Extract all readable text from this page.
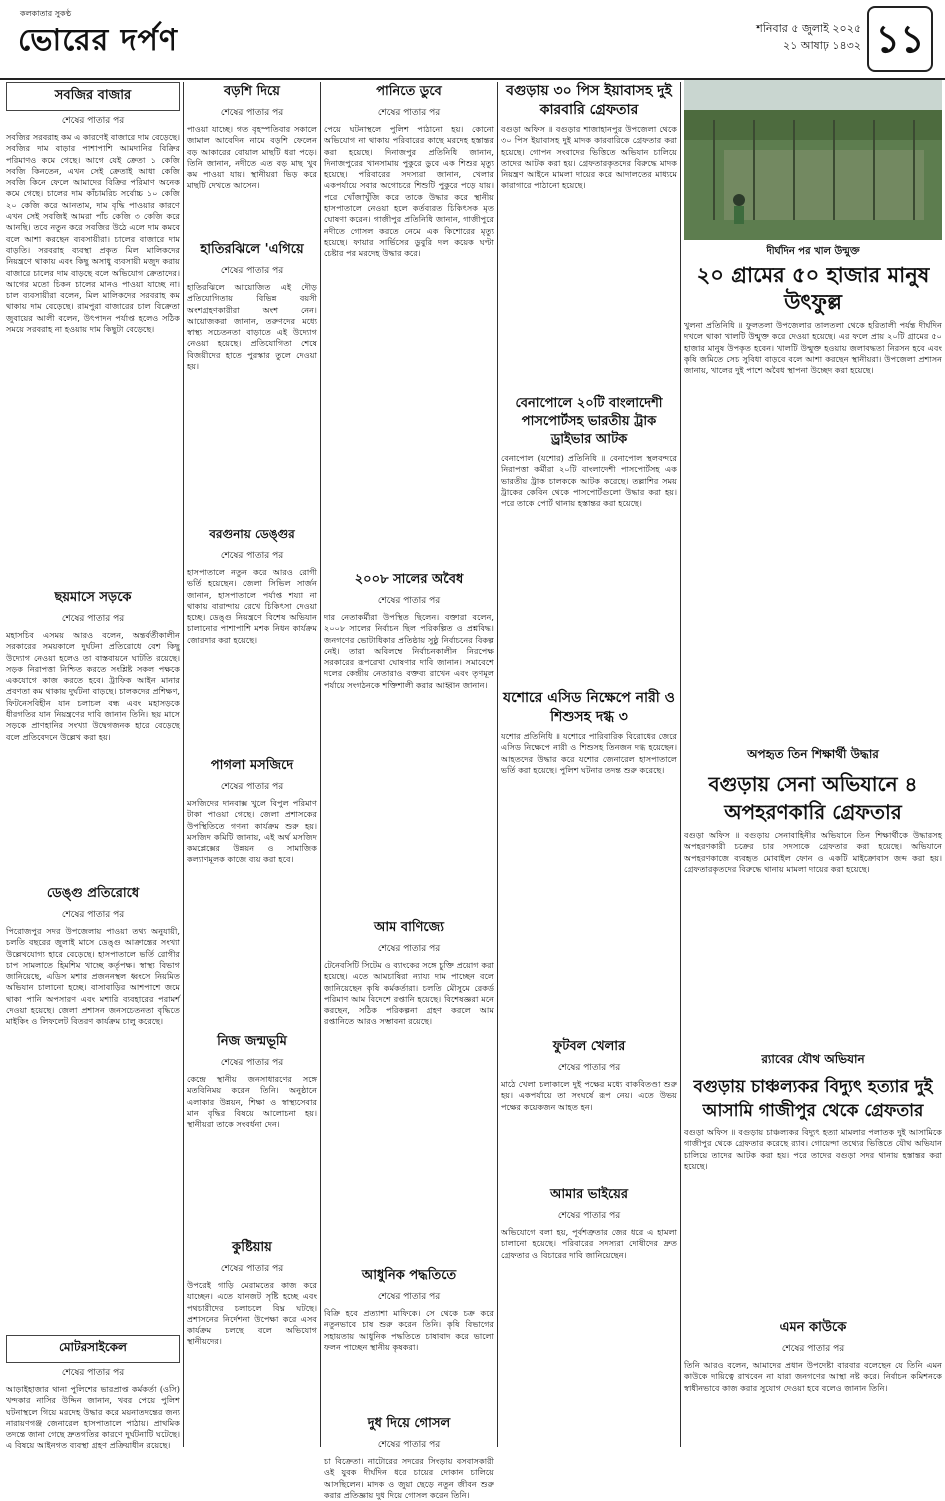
কলকাতার সুকণ্ঠ
ভোরের দর্পণ	শনিবার ৫ জুলাই ২০২৫
২১ আষাঢ় ১৪৩২ ১১
সবজির বাজার
শেষের পাতার পর
সবজির সরবরাহ কম এ কারণেই বাজারে দাম বেড়েছে। সবজির দাম বাড়ার পাশাপাশি আমদানির বিক্রির পরিমাণও কমে গেছে। আগে যেই ক্রেতা ১ কেজি সবজি কিনতেন, এখন সেই ক্রেতাই আধা কেজি সবজি কিনে ফেলে আমাদের বিক্রির পরিমাণ অনেক কমে গেছে। চালের দাম কাঁচামরিচ সর্বোচ্চ ১০ কেজি ২০ কেজি করে আনতাম, দাম বৃদ্ধি পাওয়ার কারণে এখন সেই সবজিই আমরা পাঁচ কেজি ৩ কেজি করে আনছি। তবে নতুন করে সবজির উঠে এলে দাম কমবে বলে আশা করছেন ব্যবসায়ীরা। চালের বাজারে দাম বাড়তি। সরবরাহ ব্যবস্থা প্রকৃত মিল মালিকদের নিয়ন্ত্রণে থাকায় এবং কিছু অসাধু ব্যবসায়ী মজুদ করায় বাজারে চালের দাম বাড়ছে বলে অভিযোগ ক্রেতাদের। আগের মতো চিকন চালের মানও পাওয়া যাচ্ছে না। চাল ব্যবসায়ীরা বলেন, মিল মালিকদের সরবরাহ কম থাকায় দাম বেড়েছে। রামপুরা বাজারের চাল বিক্রেতা জুবায়ের আলী বলেন, উৎপাদন পর্যাপ্ত হলেও সঠিক সময়ে সরবরাহ না হওয়ায় দাম কিছুটা বেড়েছে।
ছয়মাসে সড়কে
শেষের পাতার পর
মহাসচিব এসময় আরও বলেন, অন্তর্বর্তীকালীন সরকারের সময়কালে দুর্ঘটনা প্রতিরোধে বেশ কিছু উদ্যোগ নেওয়া হলেও তা বাস্তবায়নে ঘাটতি রয়েছে। সড়ক নিরাপত্তা নিশ্চিত করতে সংশ্লিষ্ট সকল পক্ষকে একযোগে কাজ করতে হবে। ট্রাফিক আইন মানার প্রবণতা কম থাকায় দুর্ঘটনা বাড়ছে। চালকদের প্রশিক্ষণ, ফিটনেসবিহীন যান চলাচল বন্ধ এবং মহাসড়কে ধীরগতির যান নিয়ন্ত্রণের দাবি জানান তিনি। ছয় মাসে সড়কে প্রাণহানির সংখ্যা উদ্বেগজনক হারে বেড়েছে বলে প্রতিবেদনে উল্লেখ করা হয়।
ডেঙ্গু প্রতিরোধে
শেষের পাতার পর
পিরোজপুর সদর উপজেলায় পাওয়া তথ্য অনুযায়ী, চলতি বছরের জুলাই মাসে ডেঙ্গু আক্রান্তের সংখ্যা উল্লেখযোগ্য হারে বেড়েছে। হাসপাতালে ভর্তি রোগীর চাপ সামলাতে হিমশিম খাচ্ছে কর্তৃপক্ষ। স্বাস্থ্য বিভাগ জানিয়েছে, এডিস মশার প্রজননস্থল ধ্বংসে নিয়মিত অভিযান চালানো হচ্ছে। বাসাবাড়ির আশপাশে জমে থাকা পানি অপসারণ এবং মশারি ব্যবহারের পরামর্শ দেওয়া হয়েছে। জেলা প্রশাসন জনসচেতনতা বৃদ্ধিতে মাইকিং ও লিফলেট বিতরণ কার্যক্রম চালু করেছে।
মোটরসাইকেল
শেষের পাতার পর
আড়াইহাজার থানা পুলিশের ভারপ্রাপ্ত কর্মকর্তা (ওসি) খন্দকার নাসির উদ্দিন জানান, খবর পেয়ে পুলিশ ঘটনাস্থলে গিয়ে মরদেহ উদ্ধার করে ময়নাতদন্তের জন্য নারায়ণগঞ্জ জেনারেল হাসপাতালে পাঠায়। প্রাথমিক তদন্তে জানা গেছে দ্রুতগতির কারণে দুর্ঘটনাটি ঘটেছে। এ বিষয়ে আইনগত ব্যবস্থা গ্রহণ প্রক্রিয়াধীন রয়েছে।
বড়শি দিয়ে
শেষের পাতার পর
পাওয়া যাচ্ছে। গত বৃহস্পতিবার সকালে জামাল আবেদিন নামে বড়শি ফেলেন বড় আকারের বোয়াল মাছটি ধরা পড়ে। তিনি জানান, নদীতে এত বড় মাছ খুব কম পাওয়া যায়। স্থানীয়রা ভিড় করে মাছটি দেখতে আসেন।
হাতিরঝিলে 'এগিয়ে
শেষের পাতার পর
হাতিরঝিলে আয়োজিত এই দৌড় প্রতিযোগিতায় বিভিন্ন বয়সী অংশগ্রহণকারীরা অংশ নেন। আয়োজকরা জানান, তরুণদের মধ্যে স্বাস্থ্য সচেতনতা বাড়াতে এই উদ্যোগ নেওয়া হয়েছে। প্রতিযোগিতা শেষে বিজয়ীদের হাতে পুরস্কার তুলে দেওয়া হয়।
বরগুনায় ডেঙ্গুর
শেষের পাতার পর
হাসপাতালে নতুন করে আরও রোগী ভর্তি হয়েছেন। জেলা সিভিল সার্জন জানান, হাসপাতালে পর্যাপ্ত শয্যা না থাকায় বারান্দায় রেখে চিকিৎসা দেওয়া হচ্ছে। ডেঙ্গু নিয়ন্ত্রণে বিশেষ অভিযান চালানোর পাশাপাশি মশক নিধন কার্যক্রম জোরদার করা হয়েছে।
পাগলা মসজিদে
শেষের পাতার পর
মসজিদের দানবাক্স খুলে বিপুল পরিমাণ টাকা পাওয়া গেছে। জেলা প্রশাসকের উপস্থিতিতে গণনা কার্যক্রম শুরু হয়। মসজিদ কমিটি জানায়, এই অর্থ মসজিদ কমপ্লেক্সের উন্নয়ন ও সামাজিক কল্যাণমূলক কাজে ব্যয় করা হবে।
নিজ জন্মভূমি
শেষের পাতার পর
কেন্দ্রে স্থানীয় জনসাধারণের সঙ্গে মতবিনিময় করেন তিনি। অনুষ্ঠানে এলাকার উন্নয়ন, শিক্ষা ও স্বাস্থ্যসেবার মান বৃদ্ধির বিষয়ে আলোচনা হয়। স্থানীয়রা তাকে সংবর্ধনা দেন।
কুষ্টিয়ায়
শেষের পাতার পর
উপরেই গাড়ি মেরামতের কাজ করে যাচ্ছেন। এতে যানজট সৃষ্টি হচ্ছে এবং পথচারীদের চলাচলে বিঘ্ন ঘটছে। প্রশাসনের নির্দেশনা উপেক্ষা করে এসব কার্যক্রম চলছে বলে অভিযোগ স্থানীয়দের।
পানিতে ডুবে
শেষের পাতার পর
পেয়ে ঘটনাস্থলে পুলিশ পাঠানো হয়। কোনো অভিযোগ না থাকায় পরিবারের কাছে মরদেহ হস্তান্তর করা হয়েছে। দিনাজপুর প্রতিনিধি জানান, দিনাজপুরের খানসামায় পুকুরে ডুবে এক শিশুর মৃত্যু হয়েছে। পরিবারের সদস্যরা জানান, খেলার একপর্যায়ে সবার অগোচরে শিশুটি পুকুরে পড়ে যায়। পরে খোঁজাখুঁজি করে তাকে উদ্ধার করে স্থানীয় হাসপাতালে নেওয়া হলে কর্তব্যরত চিকিৎসক মৃত ঘোষণা করেন। গাজীপুর প্রতিনিধি জানান, গাজীপুরে নদীতে গোসল করতে নেমে এক কিশোরের মৃত্যু হয়েছে। ফায়ার সার্ভিসের ডুবুরি দল কয়েক ঘণ্টা চেষ্টার পর মরদেহ উদ্ধার করে।
২০০৮ সালের অবৈধ
শেষের পাতার পর
দার নেতাকর্মীরা উপস্থিত ছিলেন। বক্তারা বলেন, ২০০৮ সালের নির্বাচন ছিল পরিকল্পিত ও প্রশ্নবিদ্ধ। জনগণের ভোটাধিকার প্রতিষ্ঠায় সুষ্ঠু নির্বাচনের বিকল্প নেই। তারা অবিলম্বে নির্বাচনকালীন নিরপেক্ষ সরকারের রূপরেখা ঘোষণার দাবি জানান। সমাবেশে দলের কেন্দ্রীয় নেতারাও বক্তব্য রাখেন এবং তৃণমূল পর্যায়ে সংগঠনকে শক্তিশালী করার আহ্বান জানান।
আম বাণিজ্যে
শেষের পাতার পর
টেনেবসিটি সিটেম ও ব্যাংকের সঙ্গে চুক্তি প্রয়োগ করা হয়েছে। এতে আমচাষিরা ন্যায্য দাম পাচ্ছেন বলে জানিয়েছেন কৃষি কর্মকর্তারা। চলতি মৌসুমে রেকর্ড পরিমাণ আম বিদেশে রপ্তানি হয়েছে। বিশেষজ্ঞরা মনে করছেন, সঠিক পরিকল্পনা গ্রহণ করলে আম রপ্তানিতে আরও সম্ভাবনা রয়েছে।
আধুনিক পদ্ধতিতে
শেষের পাতার পর
বিক্রি হবে প্রত্যাশা মাফিকে। সে থেকে চক্র করে নতুনভাবে চাষ শুরু করেন তিনি। কৃষি বিভাগের সহায়তায় আধুনিক পদ্ধতিতে চাষাবাদ করে ভালো ফলন পাচ্ছেন স্থানীয় কৃষকরা।
দুধ দিয়ে গোসল
শেষের পাতার পর
চা বিক্রেতা। নাটোরের সদরের সিংড়ায় বসবাসকারী ওই যুবক দীর্ঘদিন ধরে চায়ের দোকান চালিয়ে আসছিলেন। মাদক ও জুয়া ছেড়ে নতুন জীবন শুরু করার প্রতিজ্ঞায় দুধ দিয়ে গোসল করেন তিনি।
বগুড়ায় ৩০ পিস ইয়াবাসহ দুই কারবারি গ্রেফতার
বগুড়া অফিস ॥ বগুড়ার শাজাহানপুর উপজেলা থেকে ৩০ পিস ইয়াবাসহ দুই মাদক কারবারিকে গ্রেফতার করা হয়েছে। গোপন সংবাদের ভিত্তিতে অভিযান চালিয়ে তাদের আটক করা হয়। গ্রেফতারকৃতদের বিরুদ্ধে মাদক নিয়ন্ত্রণ আইনে মামলা দায়ের করে আদালতের মাধ্যমে কারাগারে পাঠানো হয়েছে।
বেনাপোলে ২০টি বাংলাদেশী পাসপোর্টসহ ভারতীয় ট্রাক ড্রাইভার আটক
বেনাপোল (যশোর) প্রতিনিধি ॥ বেনাপোল স্থলবন্দরে নিরাপত্তা কর্মীরা ২০টি বাংলাদেশী পাসপোর্টসহ এক ভারতীয় ট্রাক চালককে আটক করেছে। তল্লাশির সময় ট্রাকের কেবিন থেকে পাসপোর্টগুলো উদ্ধার করা হয়। পরে তাকে পোর্ট থানায় হস্তান্তর করা হয়েছে।
যশোরে এসিড নিক্ষেপে নারী ও শিশুসহ দগ্ধ ৩
যশোর প্রতিনিধি ॥ যশোরে পারিবারিক বিরোধের জেরে এসিড নিক্ষেপে নারী ও শিশুসহ তিনজন দগ্ধ হয়েছেন। আহতদের উদ্ধার করে যশোর জেনারেল হাসপাতালে ভর্তি করা হয়েছে। পুলিশ ঘটনার তদন্ত শুরু করেছে।
ফুটবল খেলার
শেষের পাতার পর
মাঠে খেলা চলাকালে দুই পক্ষের মধ্যে বাকবিতণ্ডা শুরু হয়। একপর্যায়ে তা সংঘর্ষে রূপ নেয়। এতে উভয় পক্ষের কয়েকজন আহত হন।
আমার ভাইয়ের
শেষের পাতার পর
অভিযোগে বলা হয়, পূর্বশত্রুতার জের ধরে এ হামলা চালানো হয়েছে। পরিবারের সদস্যরা দোষীদের দ্রুত গ্রেফতার ও বিচারের দাবি জানিয়েছেন।
দীর্ঘদিন পর খাল উন্মুক্ত
২০ গ্রামের ৫০ হাজার মানুষ উৎফুল্ল
খুলনা প্রতিনিধি ॥ ফুলতলা উপজেলার তালতলা থেকে হরিতালী পর্যন্ত দীর্ঘদিন দখলে থাকা খালটি উন্মুক্ত করে দেওয়া হয়েছে। এর ফলে প্রায় ২০টি গ্রামের ৫০ হাজার মানুষ উপকৃত হবেন। খালটি উন্মুক্ত হওয়ায় জলাবদ্ধতা নিরসন হবে এবং কৃষি জমিতে সেচ সুবিধা বাড়বে বলে আশা করছেন স্থানীয়রা। উপজেলা প্রশাসন জানায়, খালের দুই পাশে অবৈধ স্থাপনা উচ্ছেদ করা হয়েছে।
অপহৃত তিন শিক্ষার্থী উদ্ধার
বগুড়ায় সেনা অভিযানে ৪ অপহরণকারি গ্রেফতার
বগুড়া অফিস ॥ বগুড়ায় সেনাবাহিনীর অভিযানে তিন শিক্ষার্থীকে উদ্ধারসহ অপহরণকারী চক্রের চার সদস্যকে গ্রেফতার করা হয়েছে। অভিযানে অপহরণকাজে ব্যবহৃত মোবাইল ফোন ও একটি মাইক্রোবাস জব্দ করা হয়। গ্রেফতারকৃতদের বিরুদ্ধে থানায় মামলা দায়ের করা হয়েছে।
র‌্যাবের যৌথ অভিযান
বগুড়ায় চাঞ্চল্যকর বিদ্যুৎ হত্যার দুই আসামি গাজীপুর থেকে গ্রেফতার
বগুড়া অফিস ॥ বগুড়ায় চাঞ্চল্যকর বিদ্যুৎ হত্যা মামলার পলাতক দুই আসামিকে গাজীপুর থেকে গ্রেফতার করেছে র‌্যাব। গোয়েন্দা তথ্যের ভিত্তিতে যৌথ অভিযান চালিয়ে তাদের আটক করা হয়। পরে তাদের বগুড়া সদর থানায় হস্তান্তর করা হয়েছে।
এমন কাউকে
শেষের পাতার পর
তিনি আরও বলেন, আমাদের প্রধান উপদেষ্টা বারবার বলেছেন যে তিনি এমন কাউকে দায়িত্বে রাখবেন না যারা জনগণের আস্থা নষ্ট করে। নির্বাচন কমিশনকে স্বাধীনভাবে কাজ করার সুযোগ দেওয়া হবে বলেও জানান তিনি।
